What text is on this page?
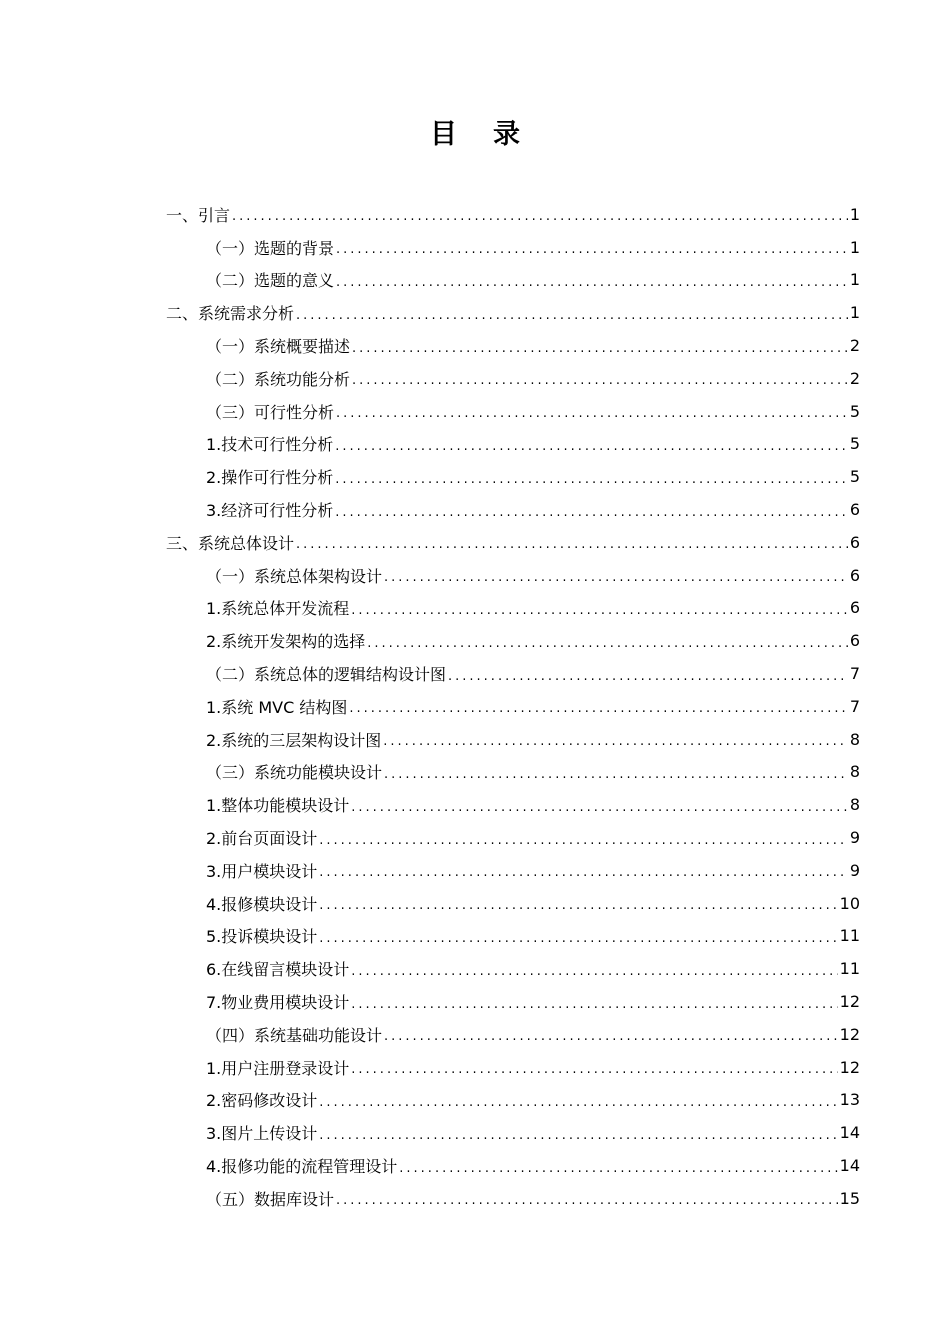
目 录
一、引言 .....	1
（一）选题的背景 .....	1
（二）选题的意义 .....	1
二、系统需求分析 .....	1
（一）系统概要描述 .....	2
（二）系统功能分析 .....	2
（三）可行性分析 .....	5
1.技术可行性分析 .....	5
2.操作可行性分析 .....	5
3.经济可行性分析 .....	6
三、系统总体设计 .....	6
（一）系统总体架构设计 .....	6
1.系统总体开发流程 .....	6
2.系统开发架构的选择 .....	6
（二）系统总体的逻辑结构设计图 .....	7
1.系统 MVC 结构图 .....	7
2.系统的三层架构设计图 .....	8
（三）系统功能模块设计 .....	8
1.整体功能模块设计 .....	8
2.前台页面设计 .....	9
3.用户模块设计 .....	9
4.报修模块设计 .....	10
5.投诉模块设计 .....	11
6.在线留言模块设计 .....	11
7.物业费用模块设计 .....	12
（四）系统基础功能设计 .....	12
1.用户注册登录设计 .....	12
2.密码修改设计 .....	13
3.图片上传设计 .....	14
4.报修功能的流程管理设计 .....	14
（五）数据库设计 .....	15
